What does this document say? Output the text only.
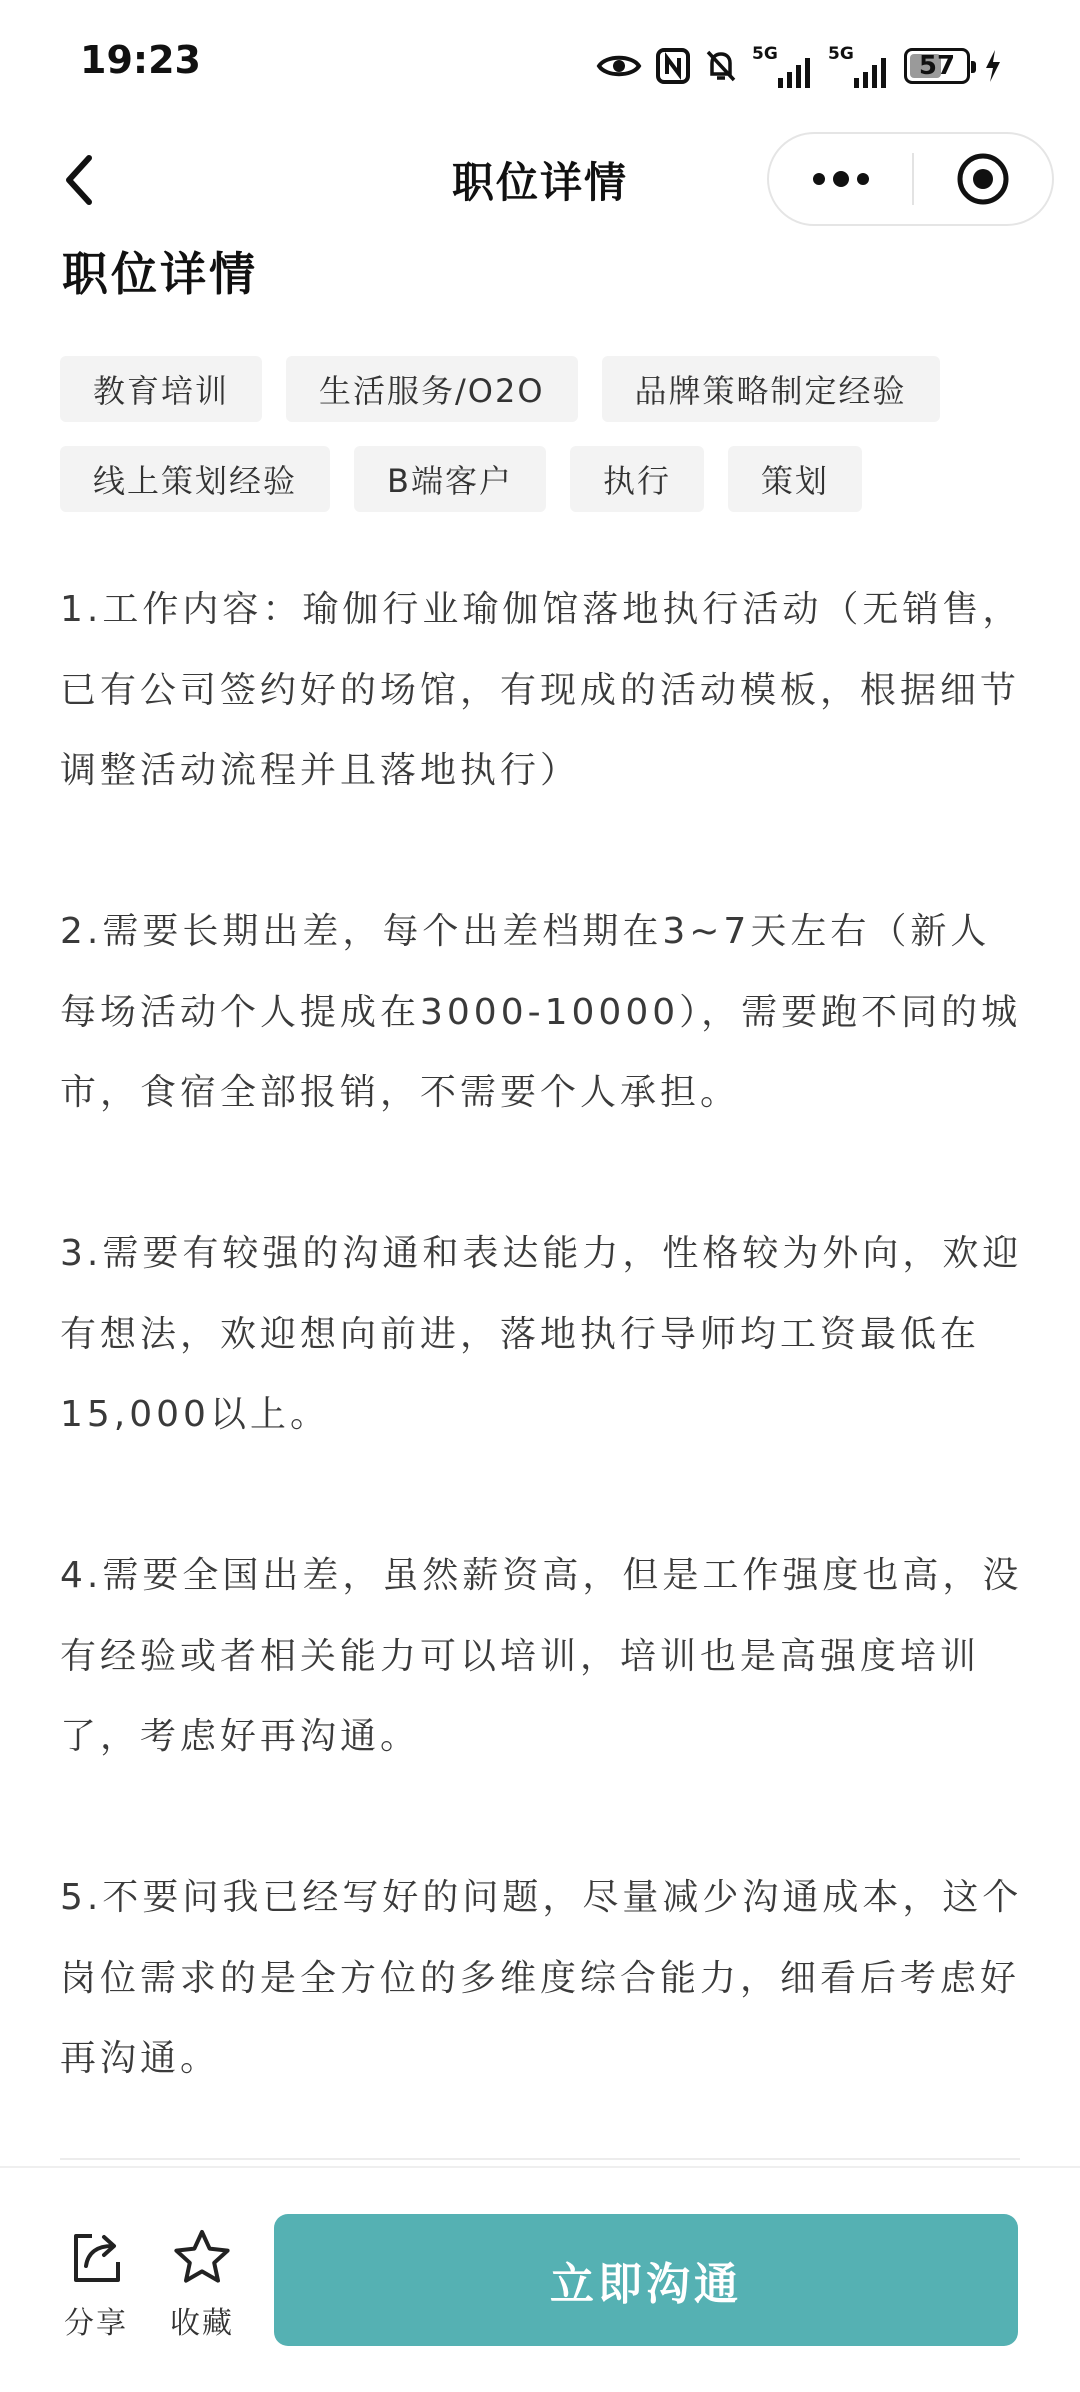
19:23	5G	5G	57
职位详情
职位详情
教育培训	生活服务/O2O	品牌策略制定经验
线上策划经验	B端客户	执行	策划

1.工作内容：瑜伽行业瑜伽馆落地执行活动（无销售，已有公司签约好的场馆，有现成的活动模板，根据细节调整活动流程并且落地执行）

2.需要长期出差，每个出差档期在3~7天左右（新人每场活动个人提成在3000-10000），需要跑不同的城市，食宿全部报销，不需要个人承担。

3.需要有较强的沟通和表达能力，性格较为外向，欢迎有想法，欢迎想向前进，落地执行导师均工资最低在15,000以上。

4.需要全国出差，虽然薪资高，但是工作强度也高，没有经验或者相关能力可以培训，培训也是高强度培训了，考虑好再沟通。

5.不要问我已经写好的问题，尽量减少沟通成本，这个岗位需求的是全方位的多维度综合能力，细看后考虑好再沟通。

分享 收藏
立即沟通
